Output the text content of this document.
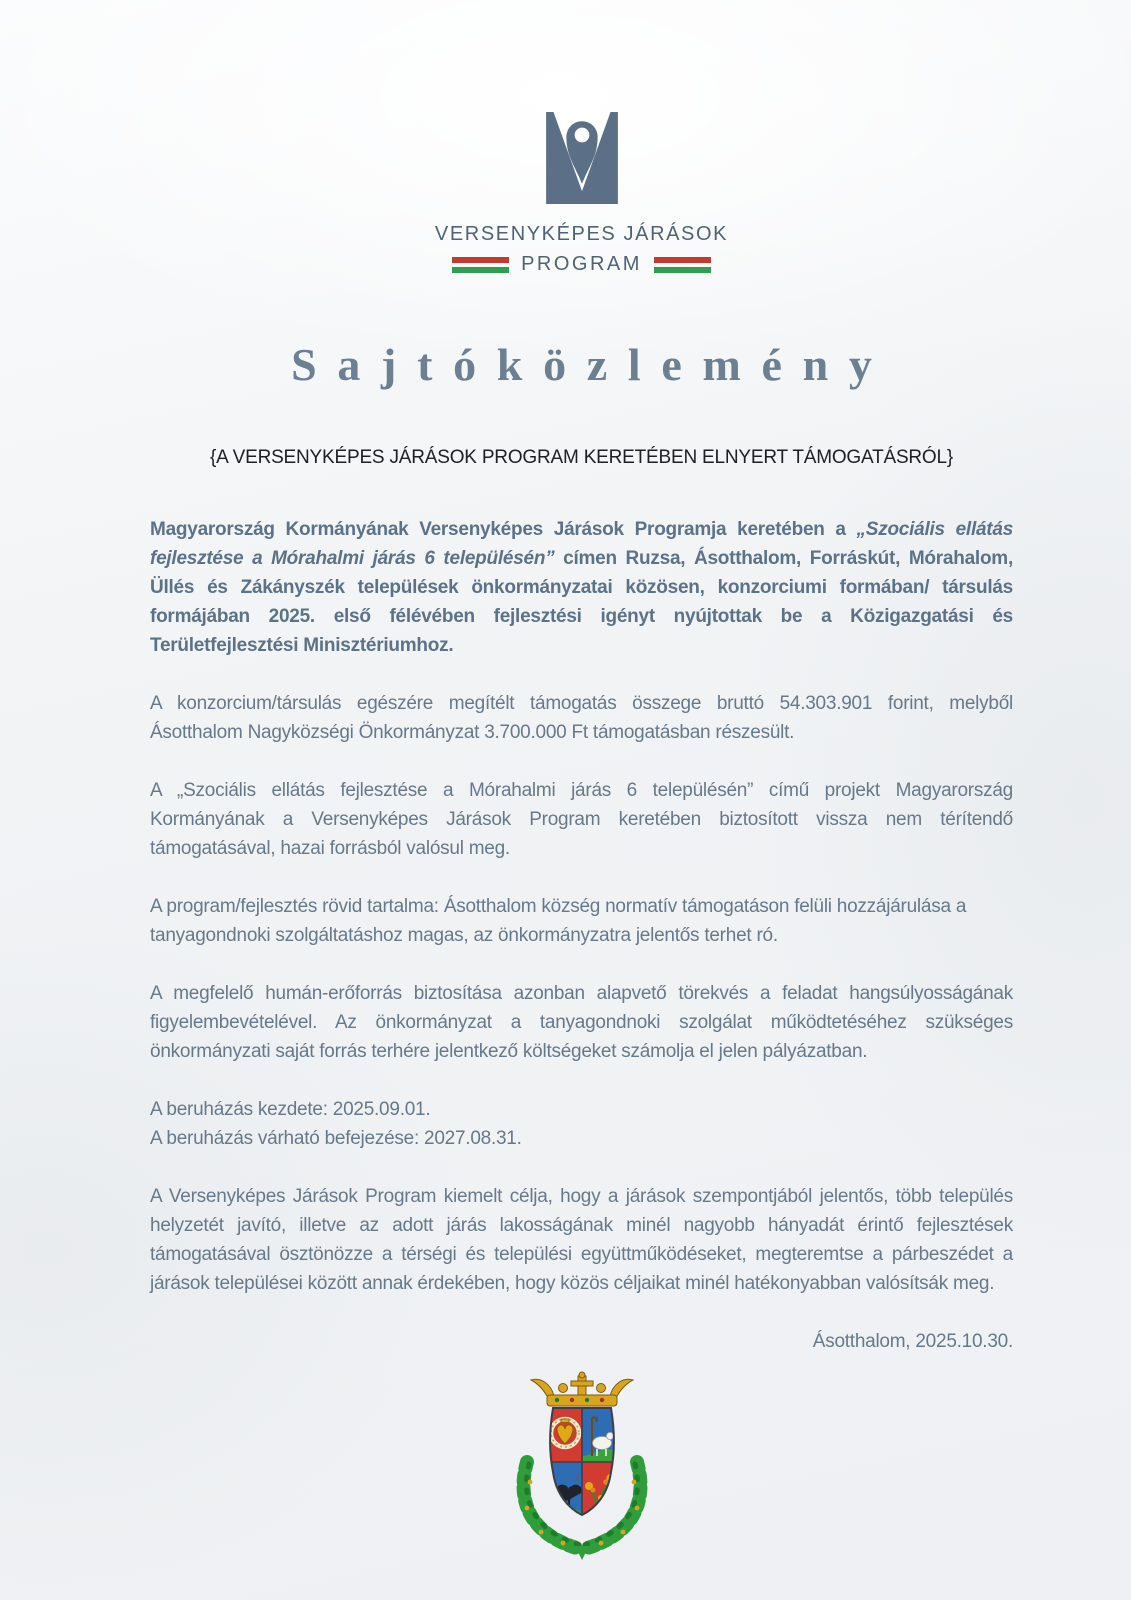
VERSENYKÉPES JÁRÁSOK
PROGRAM
Sajtóközlemény
{A VERSENYKÉPES JÁRÁSOK PROGRAM KERETÉBEN ELNYERT TÁMOGATÁSRÓL}

Magyarország Kormányának Versenyképes Járások Programja keretében a „Szociális ellátás fejlesztése a Mórahalmi járás 6 településén” címen Ruzsa, Ásotthalom, Forráskút, Mórahalom, Üllés és Zákányszék települések önkormányzatai közösen, konzorciumi formában/ társulás formájában 2025. első félévében fejlesztési igényt nyújtottak be a Közigazgatási és Területfejlesztési Minisztériumhoz.

A konzorcium/társulás egészére megítélt támogatás összege bruttó 54.303.901 forint, melyből Ásotthalom Nagyközségi Önkormányzat 3.700.000 Ft támogatásban részesült.

A „Szociális ellátás fejlesztése a Mórahalmi járás 6 településén” című projekt Magyarország Kormányának a Versenyképes Járások Program keretében biztosított vissza nem térítendő támogatásával, hazai forrásból valósul meg.

A program/fejlesztés rövid tartalma: Ásotthalom község normatív támogatáson felüli hozzájárulása a tanyagondnoki szolgáltatáshoz magas, az önkormányzatra jelentős terhet ró.

A megfelelő humán-erőforrás biztosítása azonban alapvető törekvés a feladat hangsúlyosságának figyelembevételével. Az önkormányzat a tanyagondnoki szolgálat működtetéséhez szükséges önkormányzati saját forrás terhére jelentkező költségeket számolja el jelen pályázatban.

A beruházás kezdete: 2025.09.01.

A beruházás várható befejezése: 2027.08.31.

A Versenyképes Járások Program kiemelt célja, hogy a járások szempontjából jelentős, több település helyzetét javító, illetve az adott járás lakosságának minél nagyobb hányadát érintő fejlesztések támogatásával ösztönözze a térségi és települési együttműködéseket, megteremtse a párbeszédet a járások települései között annak érdekében, hogy közös céljaikat minél hatékonyabban valósítsák meg.

Ásotthalom, 2025.10.30.
